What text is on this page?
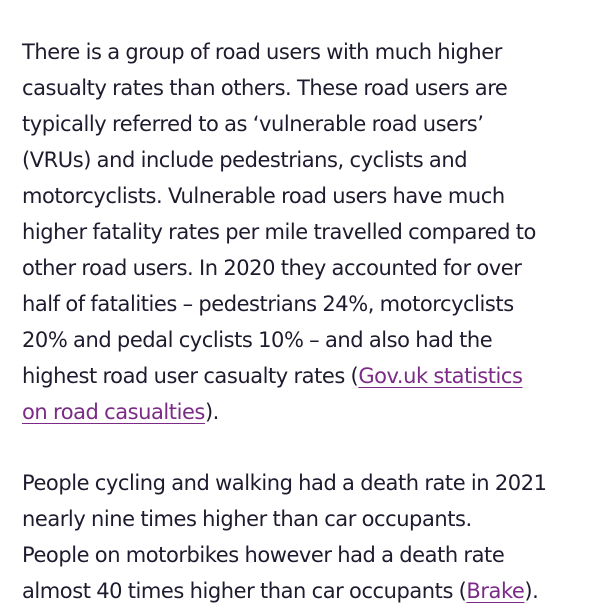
There is a group of road users with much higher
casualty rates than others. These road users are
typically referred to as ‘vulnerable road users’
(VRUs) and include pedestrians, cyclists and
motorcyclists. Vulnerable road users have much
higher fatality rates per mile travelled compared to
other road users. In 2020 they accounted for over
half of fatalities – pedestrians 24%, motorcyclists
20% and pedal cyclists 10% – and also had the
highest road user casualty rates (Gov.uk statistics
on road casualties).

People cycling and walking had a death rate in 2021
nearly nine times higher than car occupants.
People on motorbikes however had a death rate
almost 40 times higher than car occupants (Brake).
